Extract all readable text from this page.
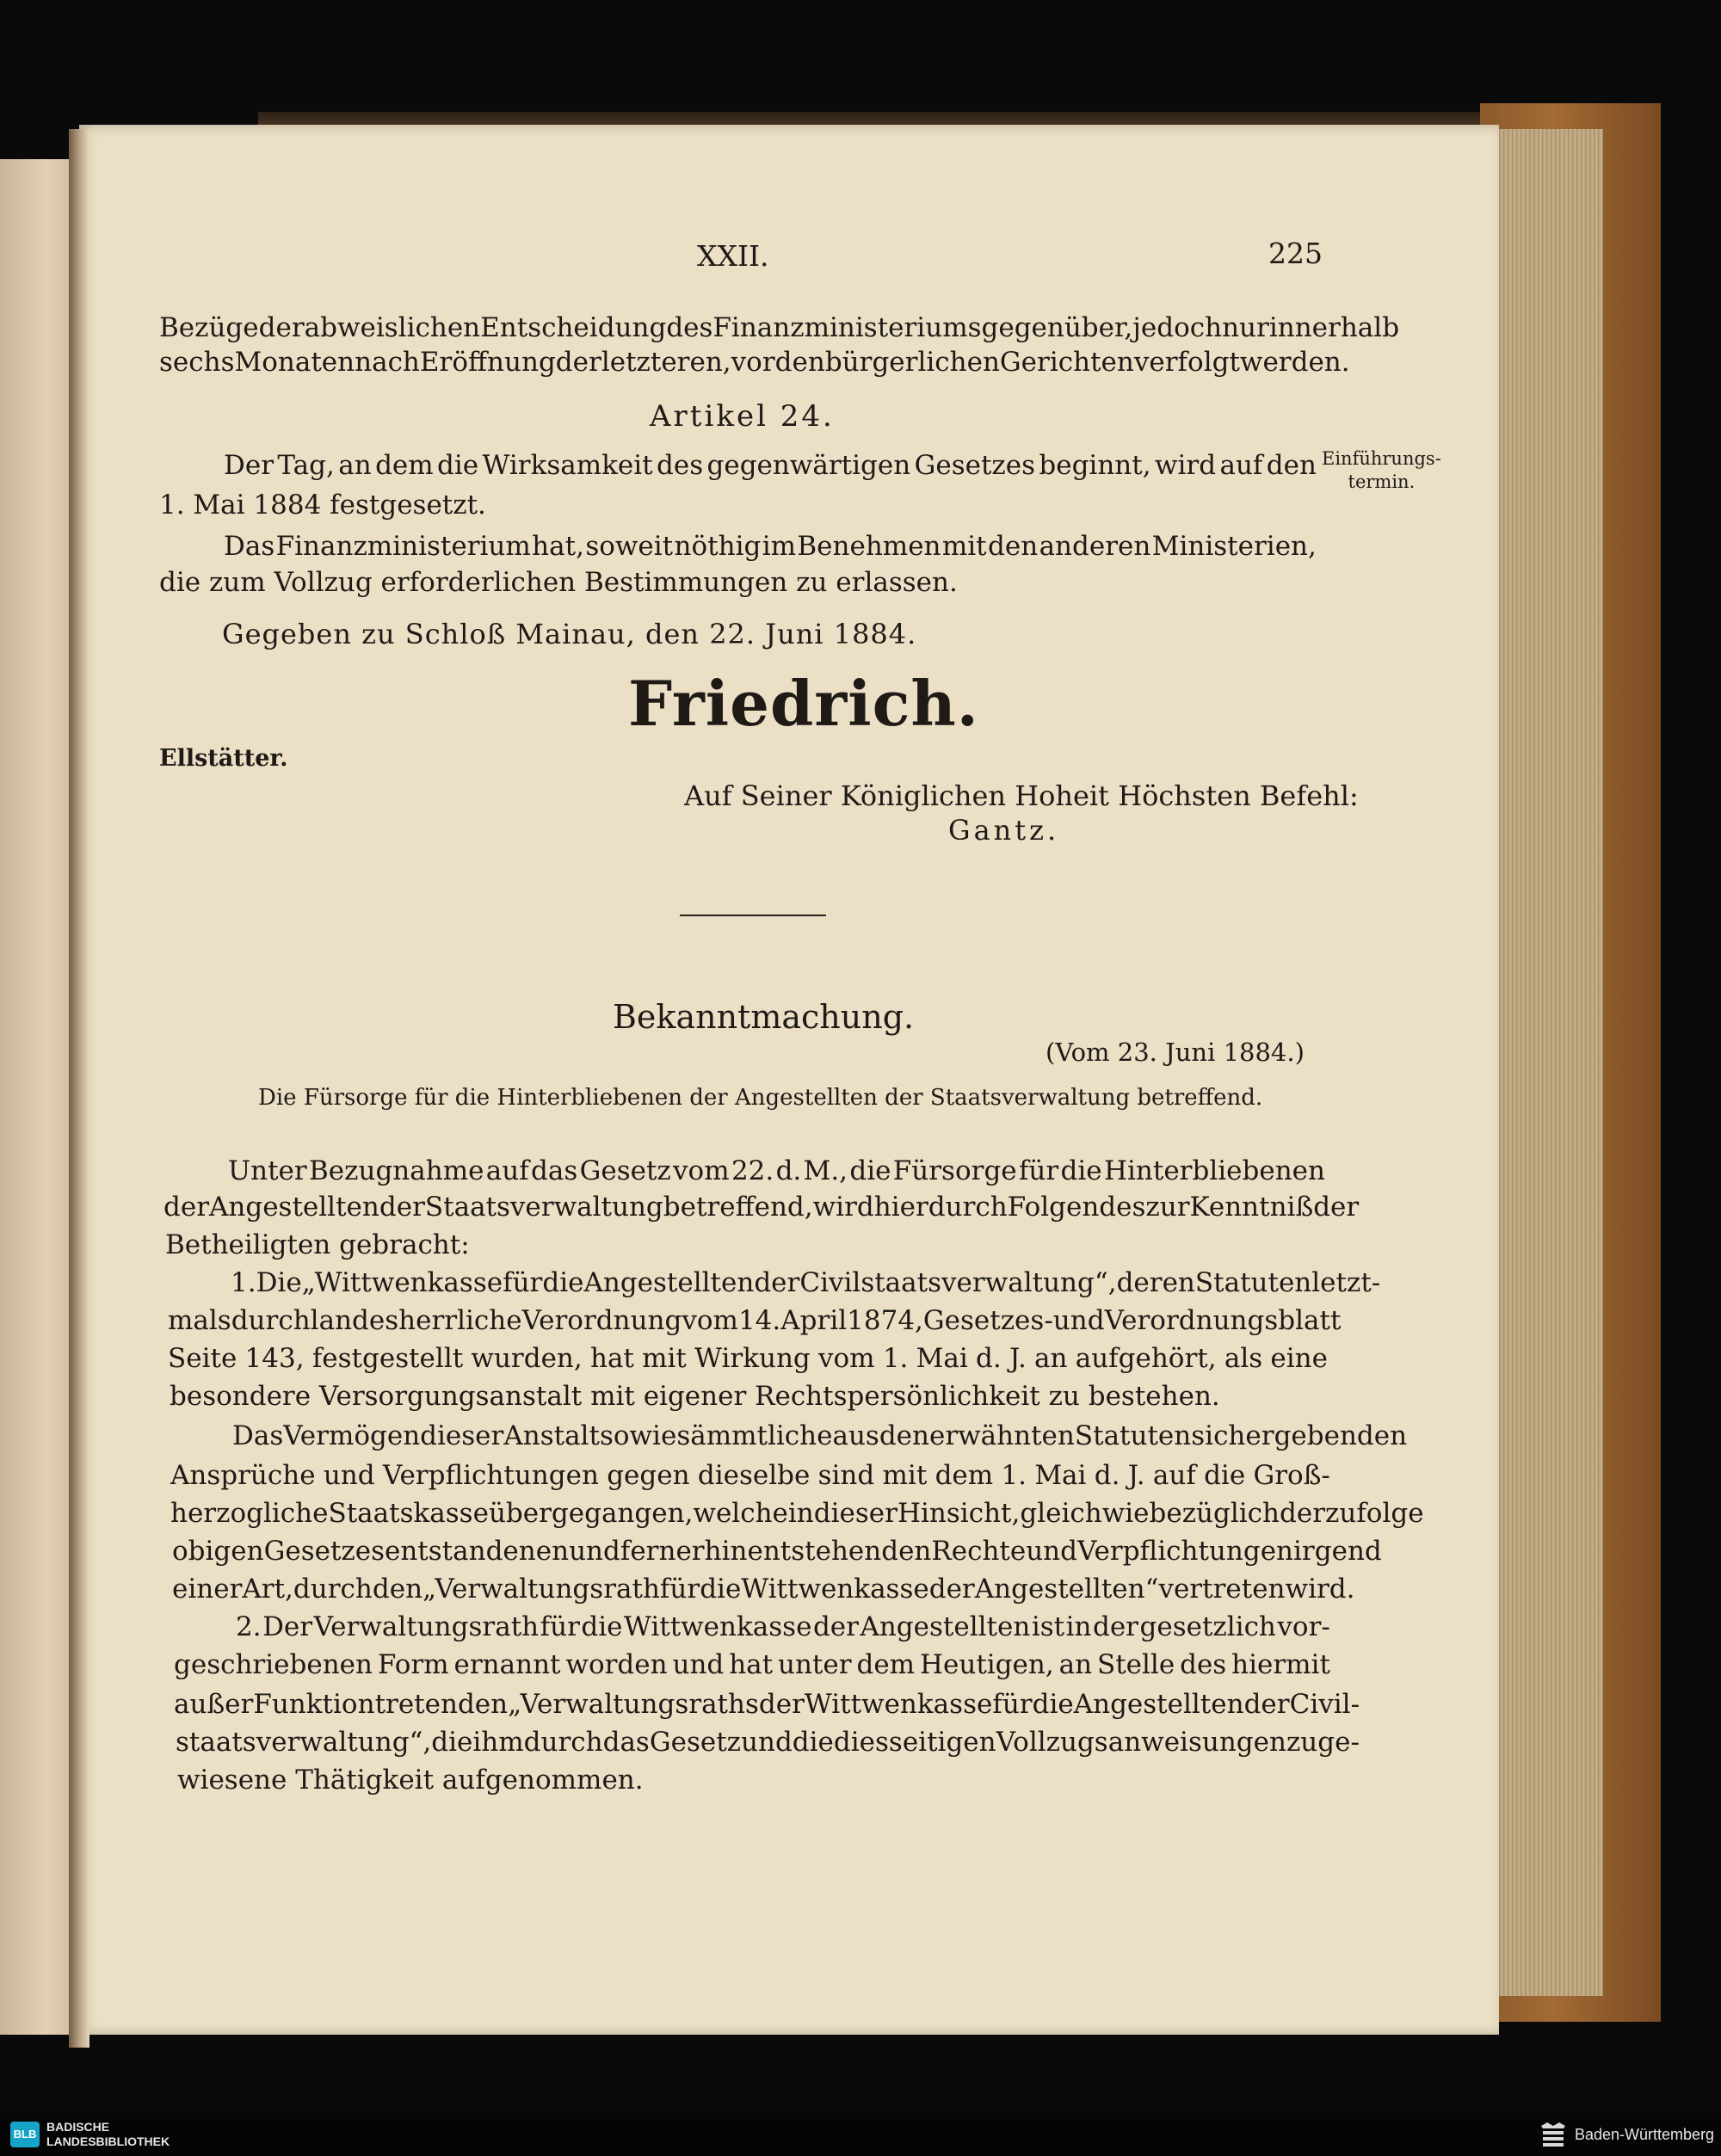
XXII.	225
Bezüge der abweislichen Entscheidung des Finanzministeriums gegenüber, jedoch nur innerhalb
sechs Monaten nach Eröffnung der letzteren, vor den bürgerlichen Gerichten verfolgt werden.
Artikel 24.
Der Tag, an dem die Wirksamkeit des gegenwärtigen Gesetzes beginnt, wird auf den
1. Mai 1884 festgesetzt.
Einführungs-
termin.
Das Finanzministerium hat, soweit nöthig im Benehmen mit den anderen Ministerien,
die zum Vollzug erforderlichen Bestimmungen zu erlassen.
Gegeben zu Schloß Mainau, den 22. Juni 1884.
Friedrich.
Ellstätter.
Auf Seiner Königlichen Hoheit Höchsten Befehl:
Gantz.
Bekanntmachung.
(Vom 23. Juni 1884.)
Die Fürsorge für die Hinterbliebenen der Angestellten der Staatsverwaltung betreffend.
Unter Bezugnahme auf das Gesetz vom 22. d. M., die Fürsorge für die Hinterbliebenen
der Angestellten der Staatsverwaltung betreffend, wird hierdurch Folgendes zur Kenntniß der
Betheiligten gebracht:
1. Die „Wittwenkasse für die Angestellten der Civilstaatsverwaltung“, deren Statuten letzt-
mals durch landesherrliche Verordnung vom 14. April 1874, Gesetzes- und Verordnungsblatt
Seite 143, festgestellt wurden, hat mit Wirkung vom 1. Mai d. J. an aufgehört, als eine
besondere Versorgungsanstalt mit eigener Rechtspersönlichkeit zu bestehen.
Das Vermögen dieser Anstalt sowie sämmtliche aus den erwähnten Statuten sich ergebenden
Ansprüche und Verpflichtungen gegen dieselbe sind mit dem 1. Mai d. J. auf die Groß-
herzogliche Staatskasse übergegangen, welche in dieser Hinsicht, gleichwie bezüglich der zufolge
obigen Gesetzes entstandenen und fernerhin entstehenden Rechte und Verpflichtungen irgend
einer Art, durch den „Verwaltungsrath für die Wittwenkasse der Angestellten“ vertreten wird.
2. Der Verwaltungsrath für die Wittwenkasse der Angestellten ist in der gesetzlich vor-
geschriebenen Form ernannt worden und hat unter dem Heutigen, an Stelle des hiermit
außer Funktion tretenden „Verwaltungsraths der Wittwenkasse für die Angestellten der Civil-
staatsverwaltung“, die ihm durch das Gesetz und die diesseitigen Vollzugsanweisungen zuge-
wiesene Thätigkeit aufgenommen.
BLB
BADISCHE
LANDESBIBLIOTHEK	Baden-Württemberg
